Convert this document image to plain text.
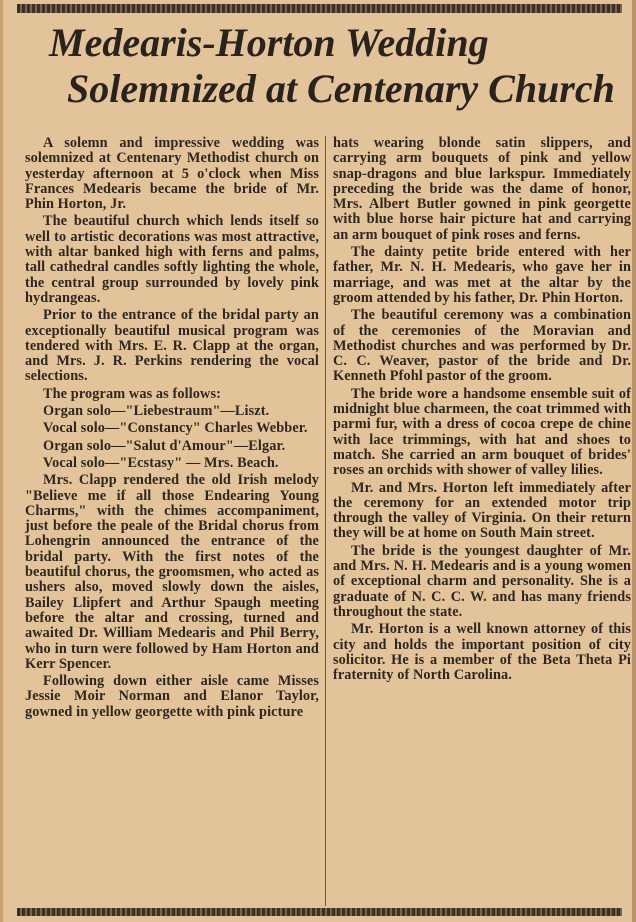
Medearis-Horton Wedding
Solemnized at Centenary Church

A solemn and impressive wedding was solemnized at Centenary Methodist church on yesterday afternoon at 5 o'clock when Miss Frances Medearis became the bride of Mr. Phin Horton, Jr.

The beautiful church which lends itself so well to artistic decorations was most attractive, with altar banked high with ferns and palms, tall cathedral candles softly lighting the whole, the central group surrounded by lovely pink hydrangeas.

Prior to the entrance of the bridal party an exceptionally beautiful musical program was tendered with Mrs. E. R. Clapp at the organ, and Mrs. J. R. Perkins rendering the vocal selections.

The program was as follows:

Organ solo—"Liebestraum"—Liszt.

Vocal solo—"Constancy" Charles Webber.

Organ solo—"Salut d'Amour"—Elgar.

Vocal solo—"Ecstasy" — Mrs. Beach.

Mrs. Clapp rendered the old Irish melody "Believe me if all those Endearing Young Charms," with the chimes accompaniment, just before the peale of the Bridal chorus from Lohengrin announced the entrance of the bridal party. With the first notes of the beautiful chorus, the groomsmen, who acted as ushers also, moved slowly down the aisles, Bailey Llipfert and Arthur Spaugh meeting before the altar and crossing, turned and awaited Dr. William Medearis and Phil Berry, who in turn were followed by Ham Horton and Kerr Spencer.

Following down either aisle came Misses Jessie Moir Norman and Elanor Taylor, gowned in yellow georgette with pink picture

hats wearing blonde satin slippers, and carrying arm bouquets of pink and yellow snap-dragons and blue larkspur. Immediately preceding the bride was the dame of honor, Mrs. Albert Butler gowned in pink georgette with blue horse hair picture hat and carrying an arm bouquet of pink roses and ferns.

The dainty petite bride entered with her father, Mr. N. H. Medearis, who gave her in marriage, and was met at the altar by the groom attended by his father, Dr. Phin Horton.

The beautiful ceremony was a combination of the ceremonies of the Moravian and Methodist churches and was performed by Dr. C. C. Weaver, pastor of the bride and Dr. Kenneth Pfohl pastor of the groom.

The bride wore a handsome ensemble suit of midnight blue charmeen, the coat trimmed with parmi fur, with a dress of cocoa crepe de chine with lace trimmings, with hat and shoes to match. She carried an arm bouquet of brides' roses an orchids with shower of valley lilies.

Mr. and Mrs. Horton left immediately after the ceremony for an extended motor trip through the valley of Virginia. On their return they will be at home on South Main street.

The bride is the youngest daughter of Mr. and Mrs. N. H. Medearis and is a young women of exceptional charm and personality. She is a graduate of N. C. C. W. and has many friends throughout the state.

Mr. Horton is a well known attorney of this city and holds the important position of city solicitor. He is a member of the Beta Theta Pi fraternity of North Carolina.
